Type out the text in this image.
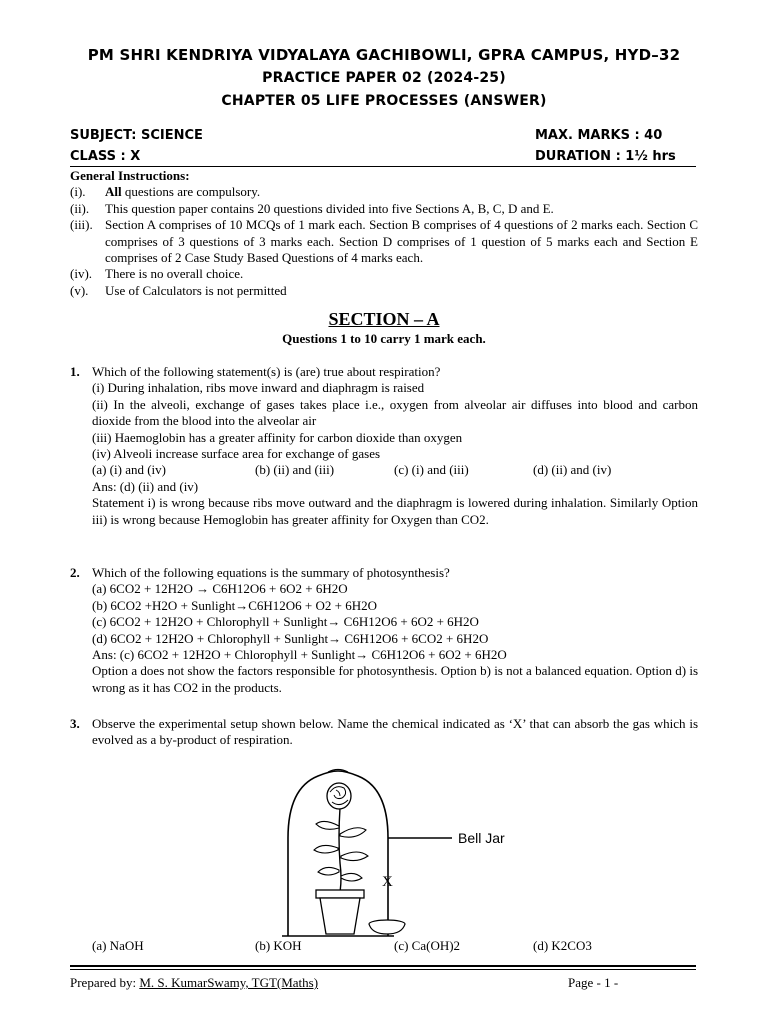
PM SHRI KENDRIYA VIDYALAYA GACHIBOWLI, GPRA CAMPUS, HYD–32
PRACTICE PAPER 02 (2024-25)
CHAPTER 05 LIFE PROCESSES (ANSWER)
SUBJECT: SCIENCE	MAX. MARKS : 40
CLASS : X	DURATION : 1½ hrs
General Instructions:
(i).	All questions are compulsory.
(ii).	This question paper contains 20 questions divided into five Sections A, B, C, D and E.
(iii). Section A comprises of 10 MCQs of 1 mark each. Section B comprises of 4 questions of 2 marks each. Section C comprises of 3 questions of 3 marks each. Section D comprises of 1 question of 5 marks each and Section E comprises of 2 Case Study Based Questions of 4 marks each.
(iv). There is no overall choice.
(v).	Use of Calculators is not permitted
SECTION – A
Questions 1 to 10 carry 1 mark each.
1. Which of the following statement(s) is (are) true about respiration?

(i) During inhalation, ribs move inward and diaphragm is raised

(ii) In the alveoli, exchange of gases takes place i.e., oxygen from alveolar air diffuses into blood and carbon dioxide from the blood into the alveolar air

(iii) Haemoglobin has a greater affinity for carbon dioxide than oxygen

(iv) Alveoli increase surface area for exchange of gases

(a) (i) and (iv)	(b) (ii) and (iii)	(c) (i) and (iii)	(d) (ii) and (iv)

Ans: (d) (ii) and (iv)

Statement i) is wrong because ribs move outward and the diaphragm is lowered during inhalation. Similarly Option iii) is wrong because Hemoglobin has greater affinity for Oxygen than CO2.

2. Which of the following equations is the summary of photosynthesis?

(a) 6CO2 + 12H2O → C6H12O6 + 6O2 + 6H2O

(b) 6CO2 +H2O + Sunlight→C6H12O6 + O2 + 6H2O

(c) 6CO2 + 12H2O + Chlorophyll + Sunlight→ C6H12O6 + 6O2 + 6H2O

(d) 6CO2 + 12H2O + Chlorophyll + Sunlight→ C6H12O6 + 6CO2 + 6H2O

Ans: (c) 6CO2 + 12H2O + Chlorophyll + Sunlight→ C6H12O6 + 6O2 + 6H2O

Option a does not show the factors responsible for photosynthesis. Option b) is not a balanced equation. Option d) is wrong as it has CO2 in the products.

3. Observe the experimental setup shown below. Name the chemical indicated as ‘X’ that can absorb the gas which is evolved as a by-product of respiration.

Bell Jar
X
(a) NaOH	(b) KOH	(c) Ca(OH)2	(d) K2CO3
Prepared by: M. S. KumarSwamy, TGT(Maths)	Page - 1 -
